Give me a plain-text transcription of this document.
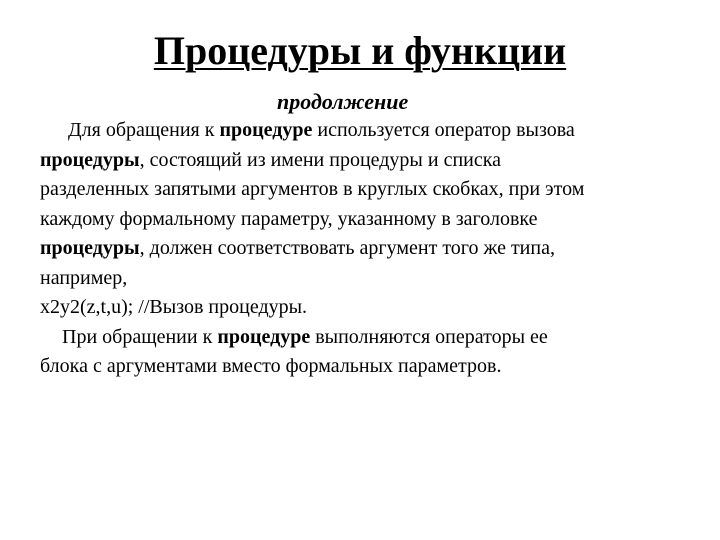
Процедуры и функции
продолжение
Для обращения к процедуре используется оператор вызова
процедуры, состоящий из имени процедуры и списка
разделенных запятыми аргументов в круглых скобках, при этом
каждому формальному параметру, указанному в заголовке
процедуры, должен соответствовать аргумент того же типа,
например,
x2y2(z,t,u); //Вызов процедуры.
При обращении к процедуре выполняются операторы ее
блока с аргументами вместо формальных параметров.
